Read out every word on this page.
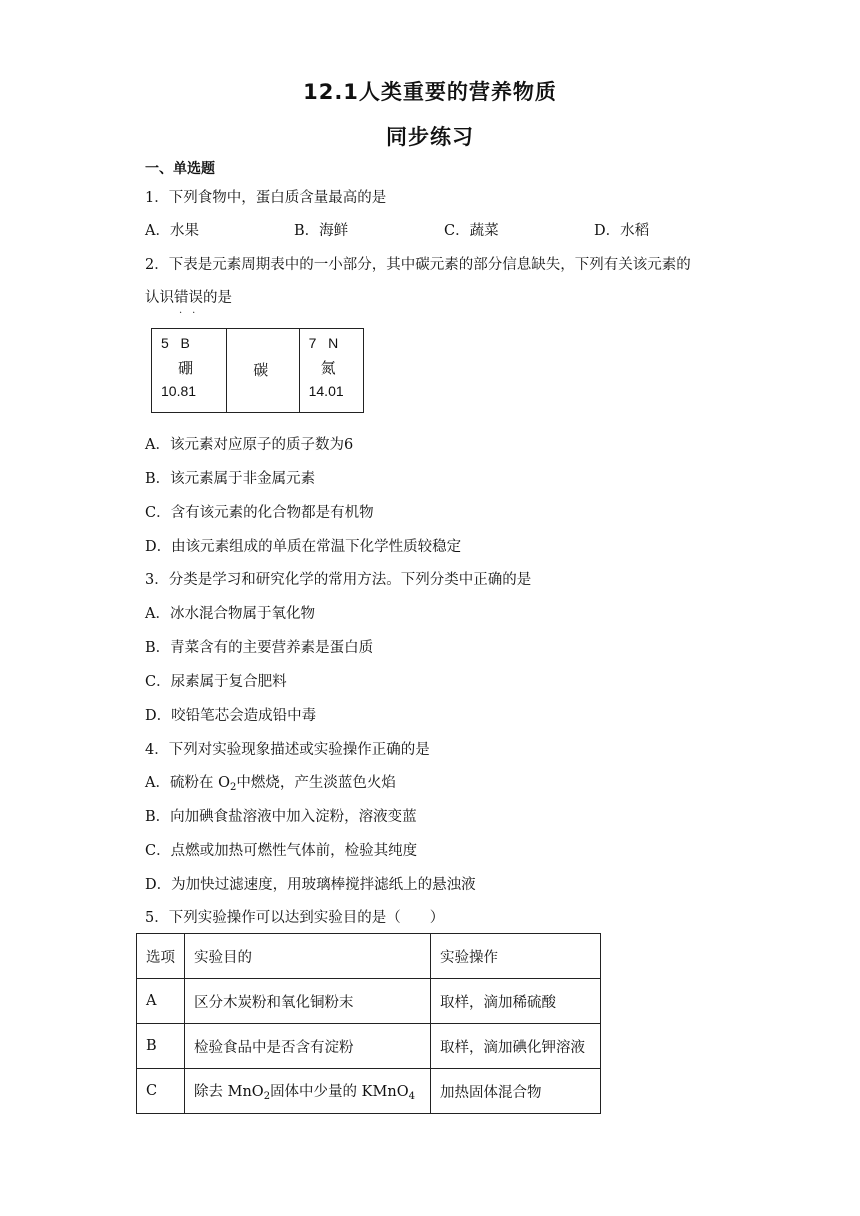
12.1人类重要的营养物质
同步练习
一、单选题
1．下列食物中，蛋白质含量最高的是
A．水果	B．海鲜	C．蔬菜	D．水稻
2．下表是元素周期表中的一小部分，其中碳元素的部分信息缺失，下列有关该元素的
认识错误的是
··
5   B
硼
10.81
碳
7   N
氮
14.01
A．该元素对应原子的质子数为6
B．该元素属于非金属元素
C．含有该元素的化合物都是有机物
D．由该元素组成的单质在常温下化学性质较稳定
3．分类是学习和研究化学的常用方法。下列分类中正确的是
A．冰水混合物属于氧化物
B．青菜含有的主要营养素是蛋白质
C．尿素属于复合肥料
D．咬铅笔芯会造成铅中毒
4．下列对实验现象描述或实验操作正确的是
A．硫粉在 $O_2$中燃烧，产生淡蓝色火焰
B．向加碘食盐溶液中加入淀粉，溶液变蓝
C．点燃或加热可燃性气体前，检验其纯度
D．为加快过滤速度，用玻璃棒搅拌滤纸上的悬浊液
5．下列实验操作可以达到实验目的是（　　）
选项	实验目的	实验操作
A	区分木炭粉和氧化铜粉末	取样，滴加稀硫酸
B	检验食品中是否含有淀粉	取样，滴加碘化钾溶液
C	除去 MnO$_2$固体中少量的 KMnO$_4$	加热固体混合物
